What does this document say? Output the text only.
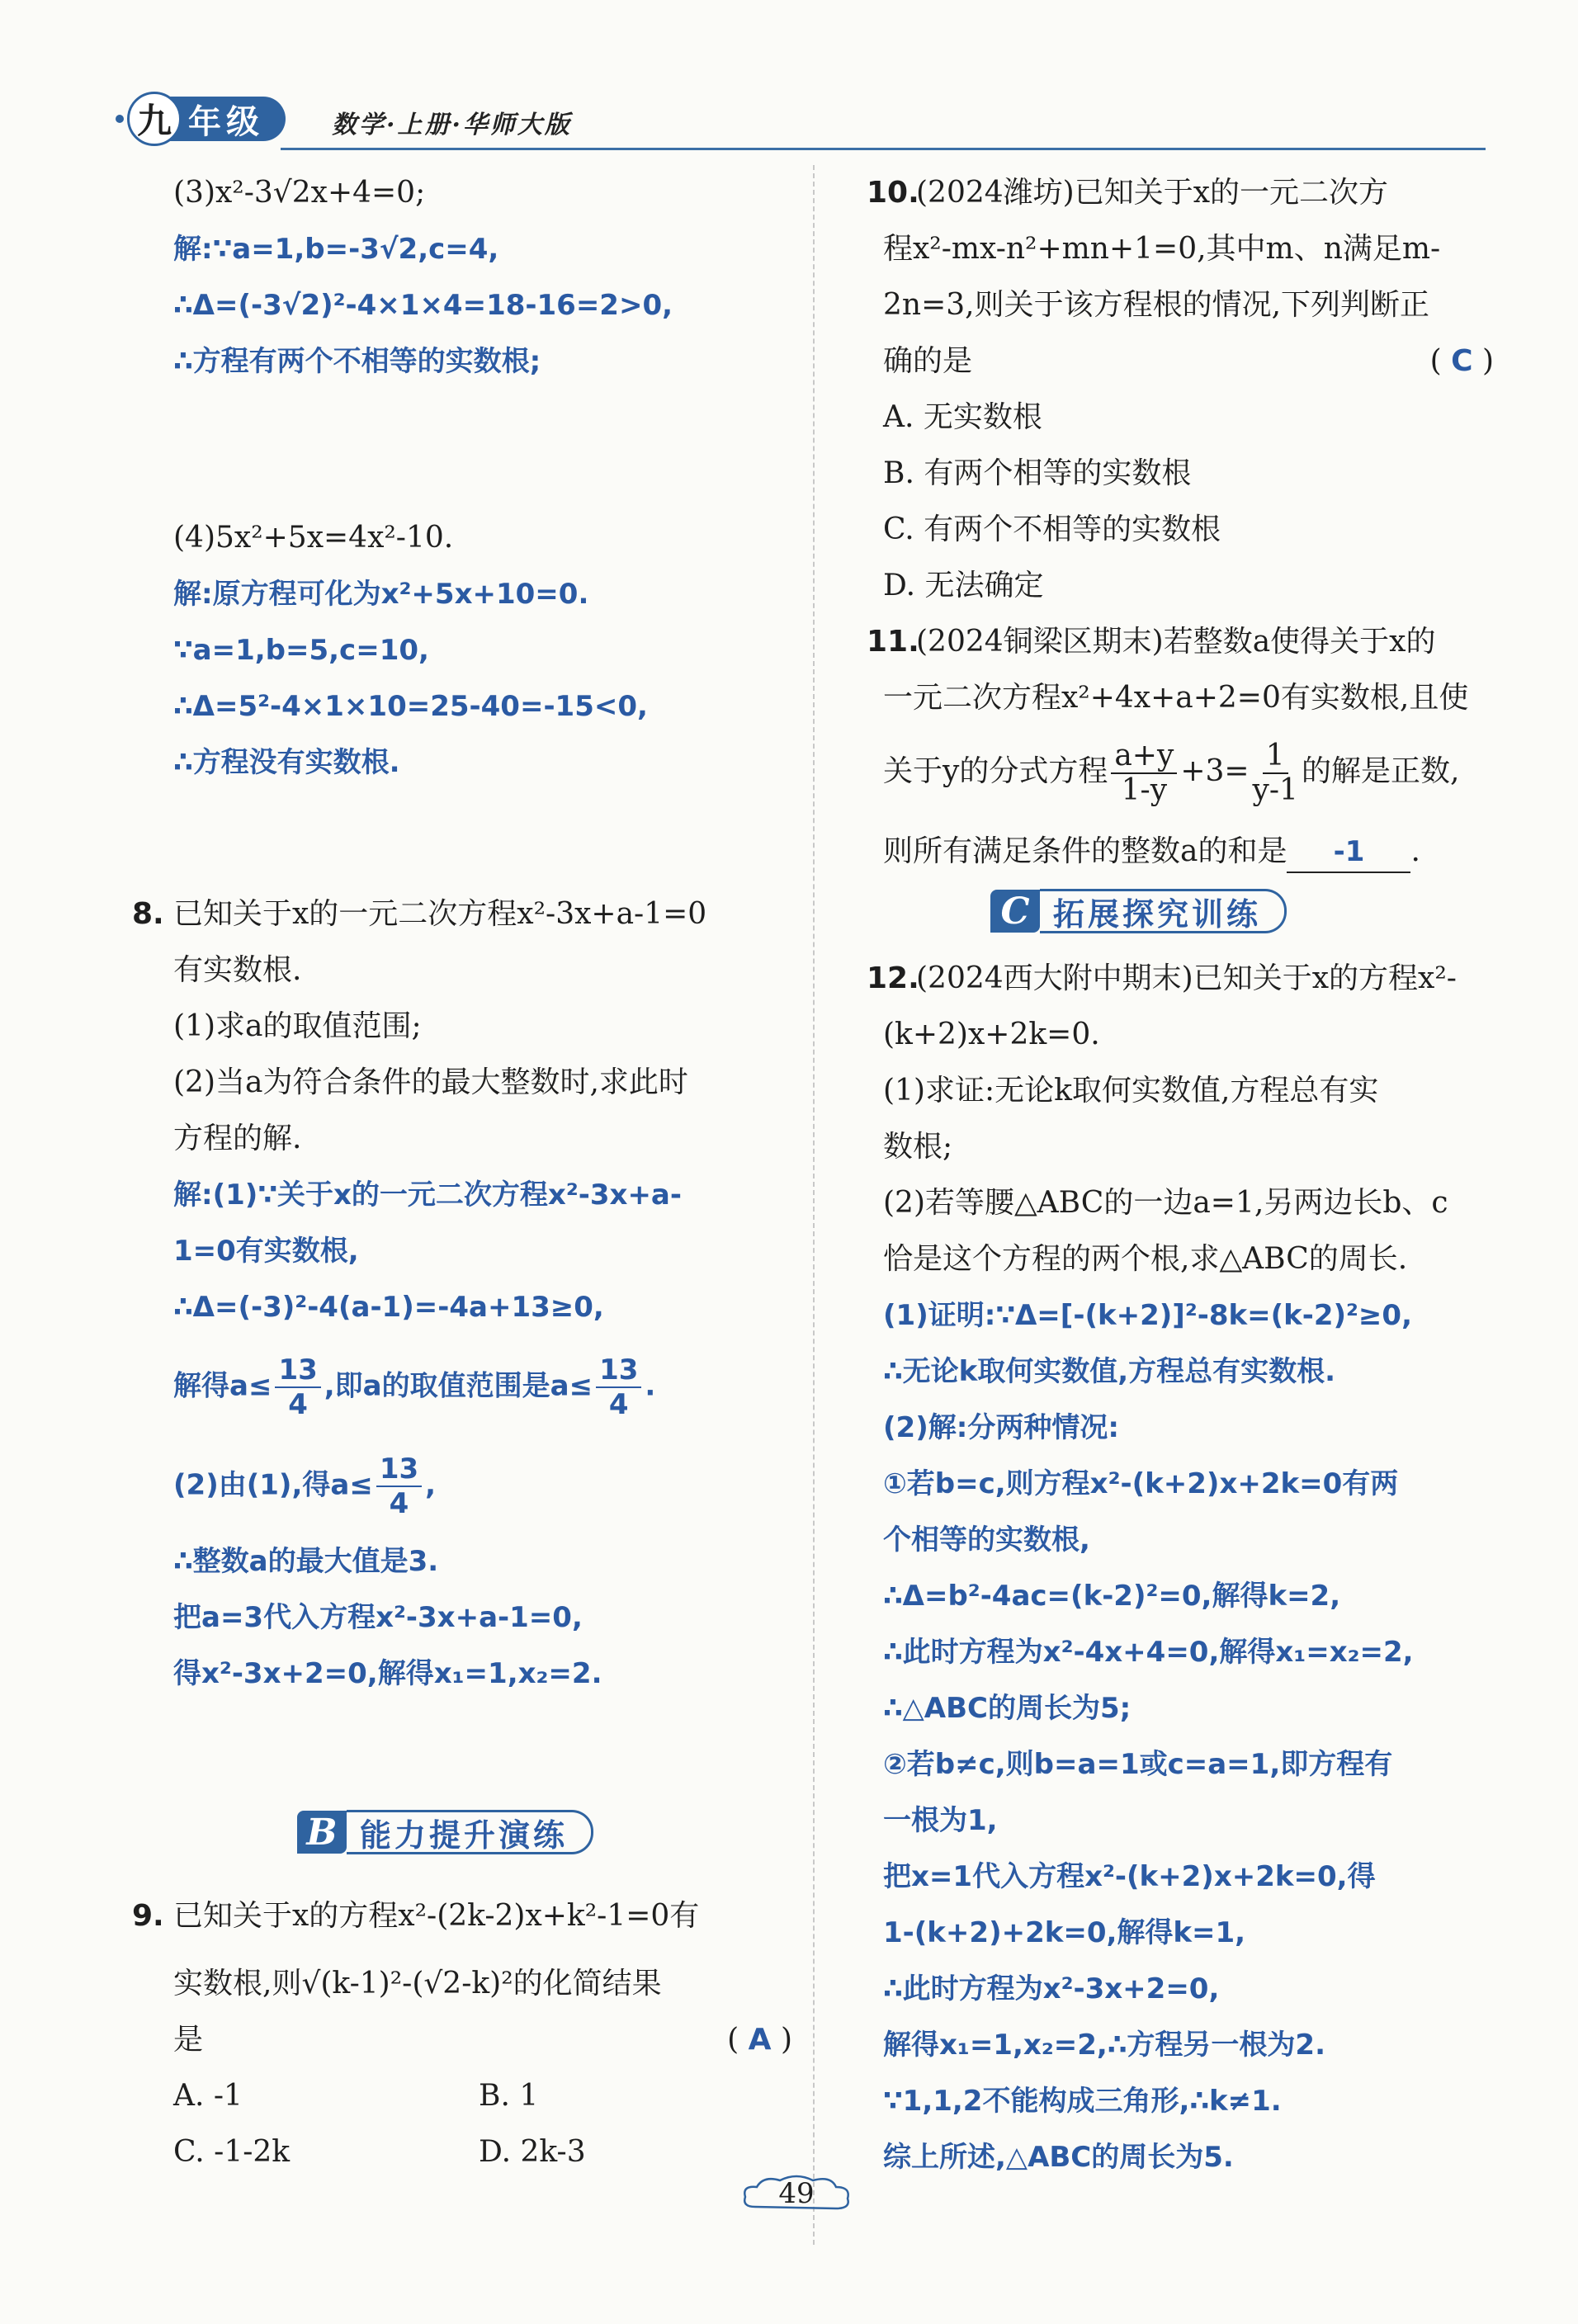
九 年级	数学·上册·华师大版
(3)x²-3√2x+4=0;
解:∵a=1,b=-3√2,c=4,
∴Δ=(-3√2)²-4×1×4=18-16=2>0,
∴方程有两个不相等的实数根;
(4)5x²+5x=4x²-10.
解:原方程可化为x²+5x+10=0.
∵a=1,b=5,c=10,
∴Δ=5²-4×1×10=25-40=-15<0,
∴方程没有实数根.
8. 已知关于x的一元二次方程x²-3x+a-1=0
有实数根.
(1)求a的取值范围;
(2)当a为符合条件的最大整数时,求此时
方程的解.
解:(1)∵关于x的一元二次方程x²-3x+a-
1=0有实数根,
∴Δ=(-3)²-4(a-1)=-4a+13≥0,
解得$a\le \frac{13}{4}$ ,即a的取值范围是$a\le \frac{13}{4}$ .
(2)由(1),得$a\le \frac{13}{4}$ ,
∴整数a的最大值是3.
把a=3代入方程x²-3x+a-1=0,
得x²-3x+2=0,解得x₁=1,x₂=2.
B 能力提升演练
9. 已知关于x的方程x²-(2k-2)x+k²-1=0有
实数根,则√(k-1)²-(√2-k)²的化简结果
是	( A )
A. -1	B. 1
C. -1-2k	D. 2k-3
10.
(2024潍坊)已知关于x的一元二次方
程x²-mx-n²+mn+1=0,其中m、n满足m-
2n=3,则关于该方程根的情况,下列判断正
确的是	( C )
A. 无实数根
B. 有两个相等的实数根
C. 有两个不相等的实数根
D. 无法确定
11.
(2024铜梁区期末)若整数a使得关于x的
一元二次方程x²+4x+a+2=0有实数根,且使
关于y的分式方程 $\frac{a+y}{1-y} +3= \frac{1}{y-1}$ 的解是正数,
则所有满足条件的整数a的和是 -1 .
C 拓展探究训练
12.
(2024西大附中期末)已知关于x的方程x²-
(k+2)x+2k=0.
(1)求证:无论k取何实数值,方程总有实
数根;
(2)若等腰△ABC的一边a=1,另两边长b、c
恰是这个方程的两个根,求△ABC的周长.
(1)证明:∵Δ=[-(k+2)]²-8k=(k-2)²≥0,
∴无论k取何实数值,方程总有实数根.
(2)解:分两种情况:
①若b=c,则方程x²-(k+2)x+2k=0有两
个相等的实数根,
∴Δ=b²-4ac=(k-2)²=0,解得k=2,
∴此时方程为x²-4x+4=0,解得x₁=x₂=2,
∴△ABC的周长为5;
②若b≠c,则b=a=1或c=a=1,即方程有
一根为1,
把x=1代入方程x²-(k+2)x+2k=0,得
1-(k+2)+2k=0,解得k=1,
∴此时方程为x²-3x+2=0,
解得x₁=1,x₂=2,∴方程另一根为2.
∵1,1,2不能构成三角形,∴k≠1.
综上所述,△ABC的周长为5.
49
